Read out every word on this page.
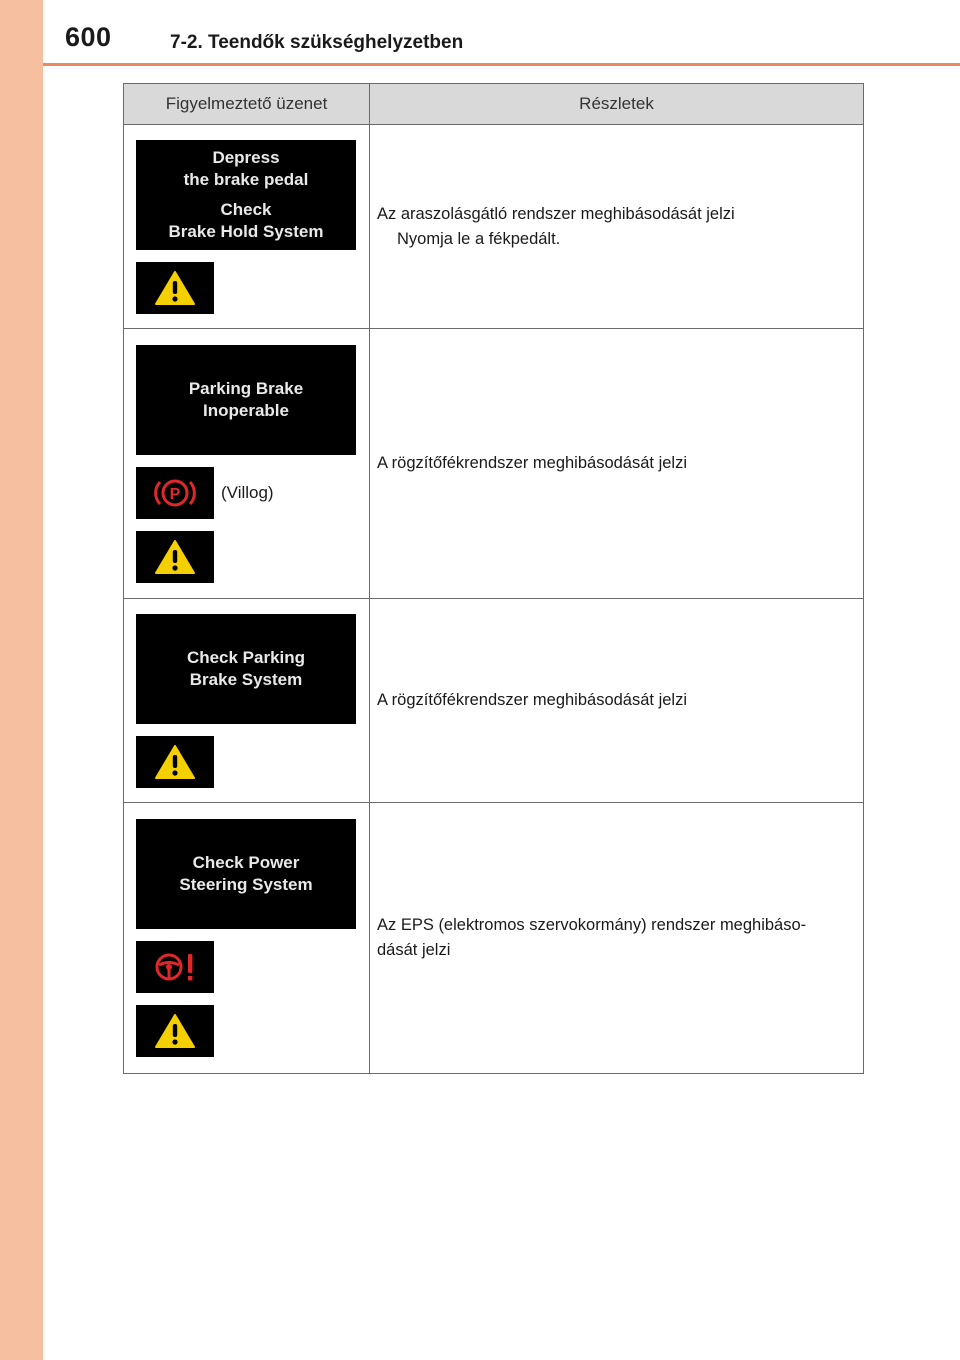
600	7-2. Teendők szükséghelyzetben
Figyelmeztető üzenet	Részletek

Depress
the brake pedal
Check
Brake Hold System	Az araszolásgátló rendszer meghibásodását jelzi
Nyomja le a fékpedált.

Parking Brake
Inoperable
P (Villog)	A rögzítőfékrendszer meghibásodását jelzi

Check Parking
Brake System	A rögzítőfékrendszer meghibásodását jelzi

Check Power
Steering System	Az EPS (elektromos szervokormány) rendszer meghibáso-
dását jelzi
